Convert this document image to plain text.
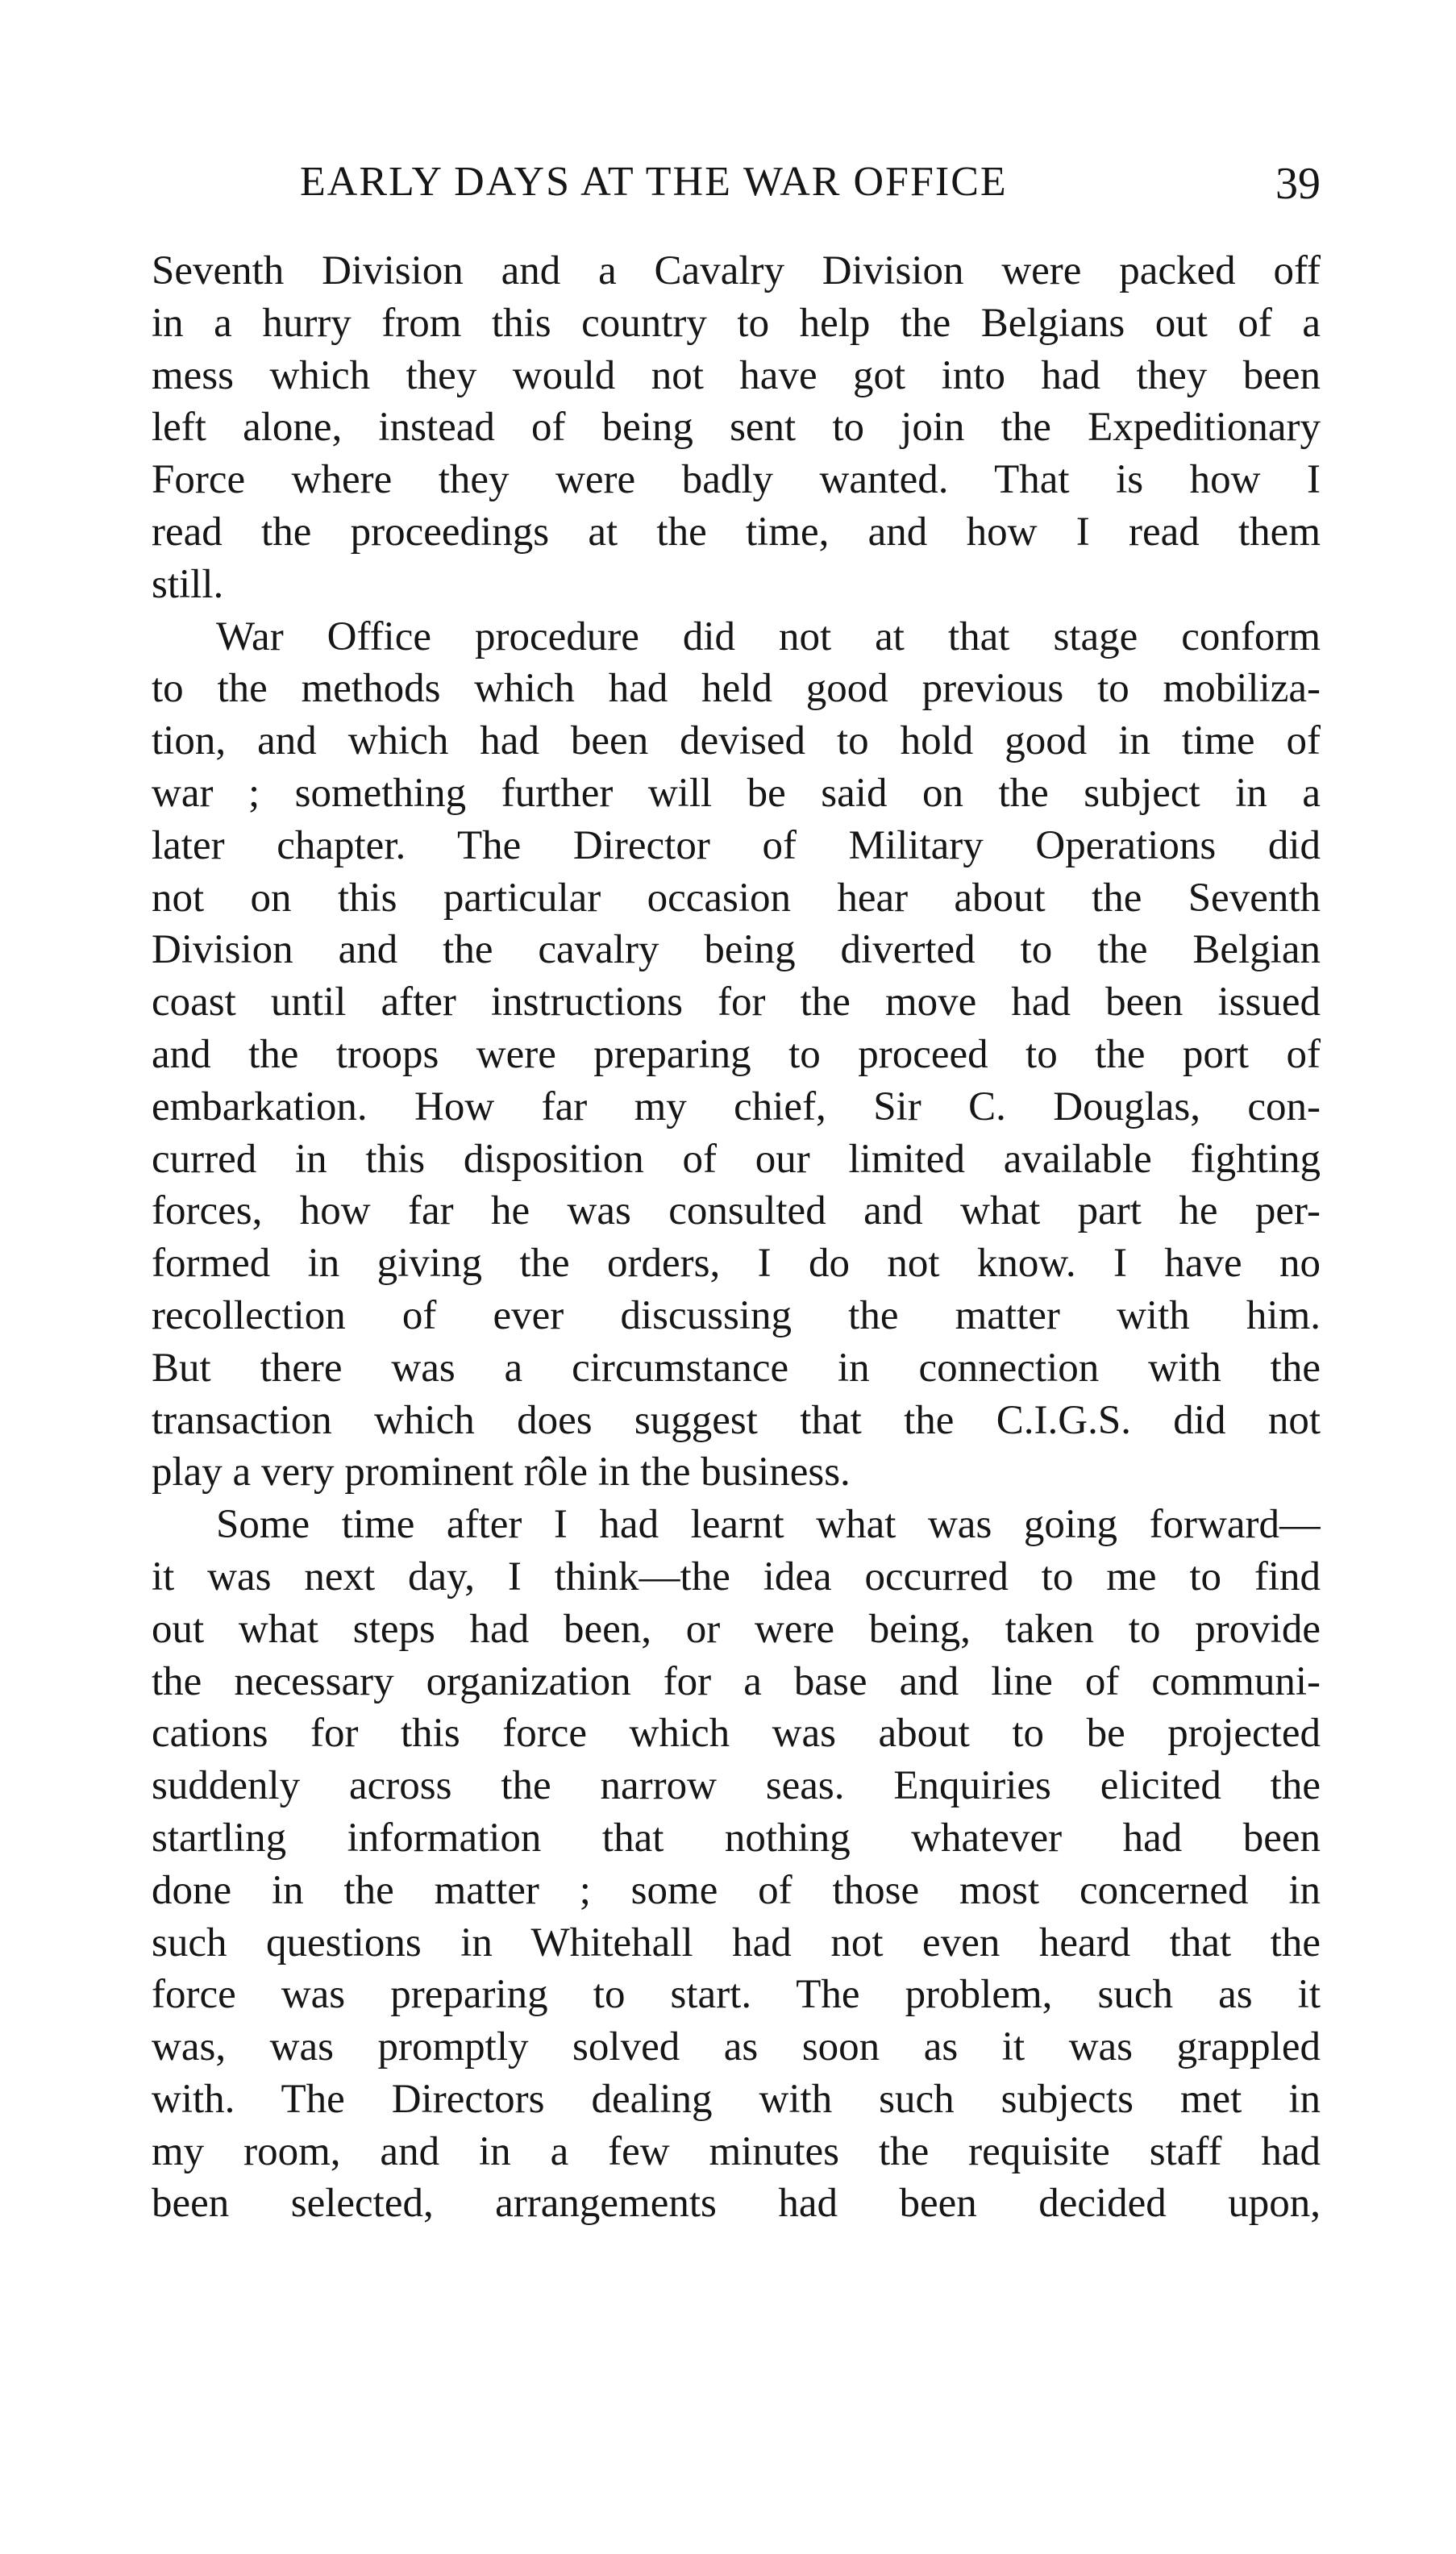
EARLY DAYS AT THE WAR OFFICE	39
Seventh Division and a Cavalry Division were packed off
in a hurry from this country to help the Belgians out of a
mess which they would not have got into had they been
left alone, instead of being sent to join the Expeditionary
Force where they were badly wanted. That is how I
read the proceedings at the time, and how I read them
still.
War Office procedure did not at that stage conform
to the methods which had held good previous to mobiliza-
tion, and which had been devised to hold good in time of
war ; something further will be said on the subject in a
later chapter. The Director of Military Operations did
not on this particular occasion hear about the Seventh
Division and the cavalry being diverted to the Belgian
coast until after instructions for the move had been issued
and the troops were preparing to proceed to the port of
embarkation. How far my chief, Sir C. Douglas, con-
curred in this disposition of our limited available fighting
forces, how far he was consulted and what part he per-
formed in giving the orders, I do not know. I have no
recollection of ever discussing the matter with him.
But there was a circumstance in connection with the
transaction which does suggest that the C.I.G.S. did not
play a very prominent rôle in the business.
Some time after I had learnt what was going forward—
it was next day, I think—the idea occurred to me to find
out what steps had been, or were being, taken to provide
the necessary organization for a base and line of communi-
cations for this force which was about to be projected
suddenly across the narrow seas. Enquiries elicited the
startling information that nothing whatever had been
done in the matter ; some of those most concerned in
such questions in Whitehall had not even heard that the
force was preparing to start. The problem, such as it
was, was promptly solved as soon as it was grappled
with. The Directors dealing with such subjects met in
my room, and in a few minutes the requisite staff had
been selected, arrangements had been decided upon,
